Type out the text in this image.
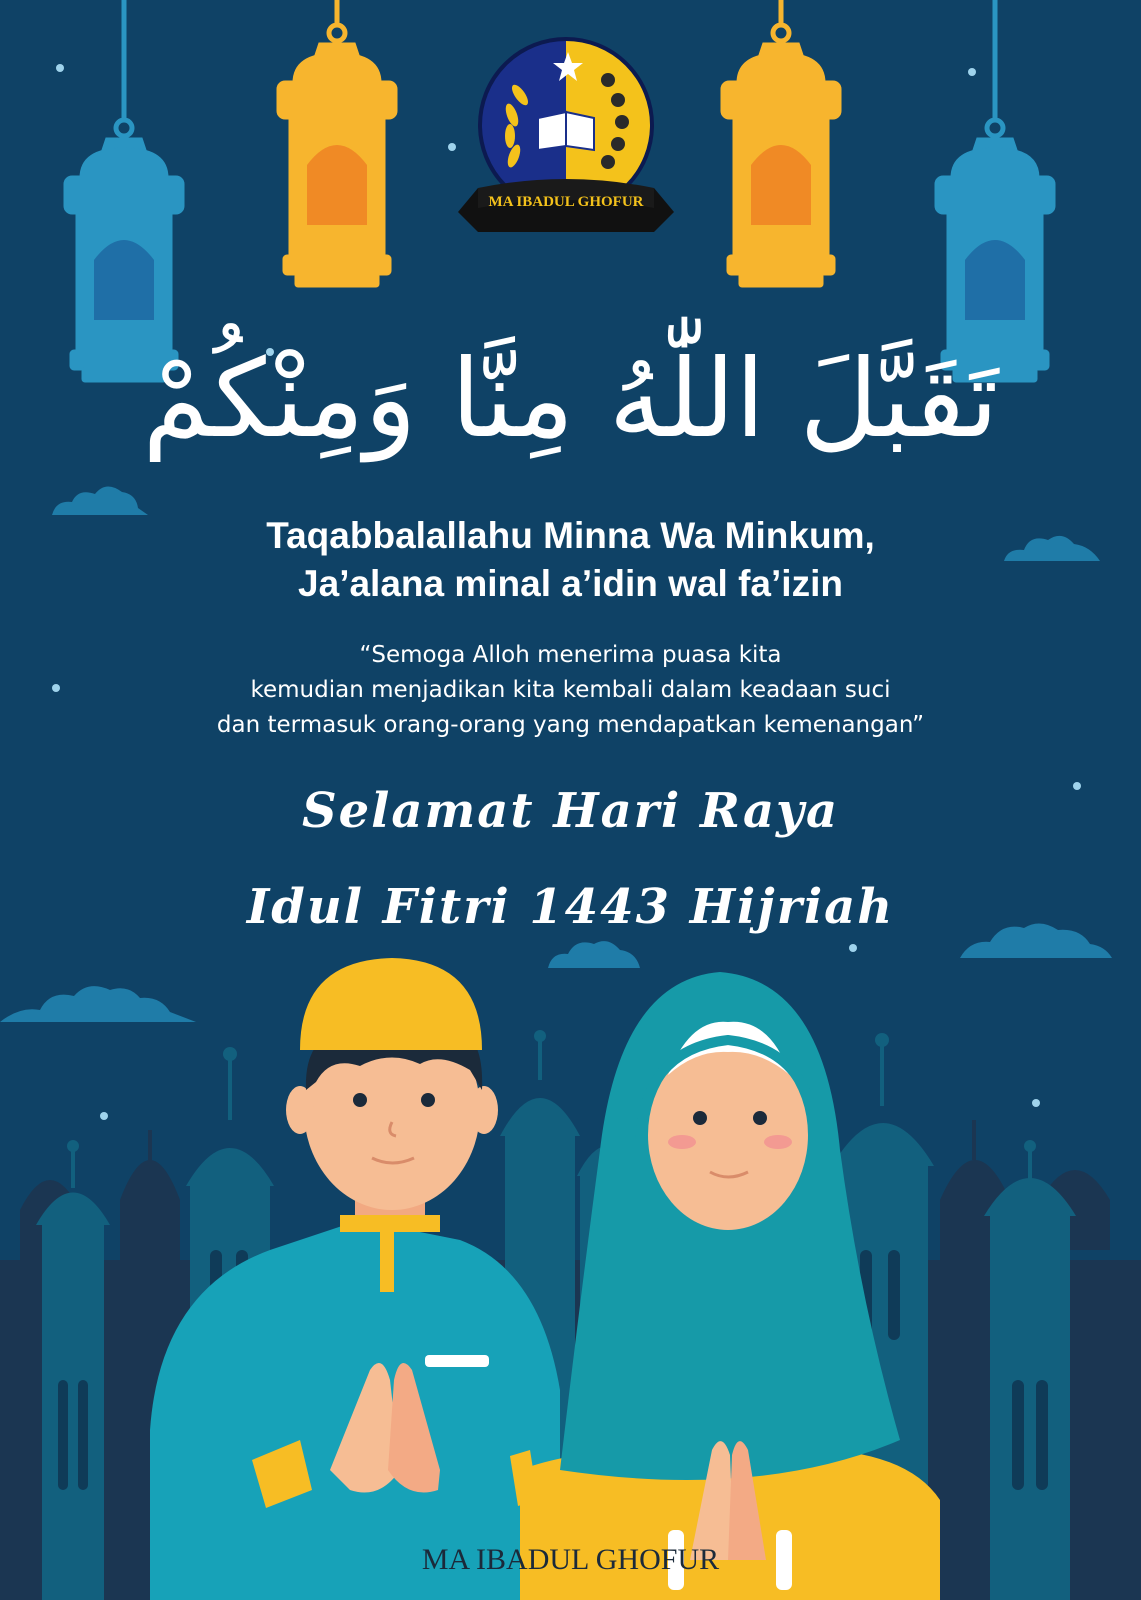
MA IBADUL GHOFUR
تَقَبَّلَ اللّٰهُ مِنَّا وَمِنْكُمْ
Taqabbalallahu Minna Wa Minkum,
Ja’alana minal a’idin wal fa’izin
“Semoga Alloh menerima puasa kita
kemudian menjadikan kita kembali dalam keadaan suci
dan termasuk orang-orang yang mendapatkan kemenangan”
Selamat Hari Raya
Idul Fitri 1443 Hijriah
MA IBADUL GHOFUR
